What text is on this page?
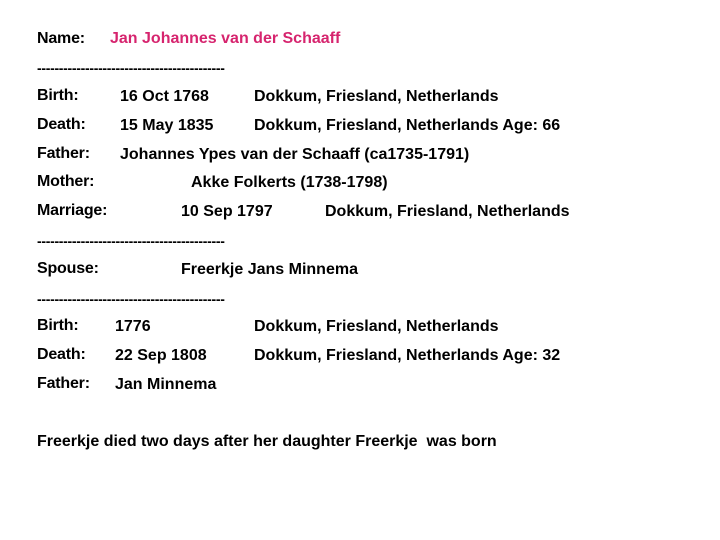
Name: Jan Johannes van der Schaaff
-------------------------------------------
Birth:	16 Oct 1768	Dokkum, Friesland, Netherlands
Death: 15 May 1835	Dokkum, Friesland, Netherlands Age: 66
Father: Johannes Ypes van der Schaaff (ca1735-1791)
Mother:	Akke Folkerts (1738-1798)
Marriage:	10 Sep 1797	Dokkum, Friesland, Netherlands
-------------------------------------------
Spouse:	Freerkje Jans Minnema
-------------------------------------------
Birth: 1776	Dokkum, Friesland, Netherlands
Death: 22 Sep 1808	Dokkum, Friesland, Netherlands Age: 32
Father: Jan Minnema
Freerkje died two days after her daughter Freerkje  was born
